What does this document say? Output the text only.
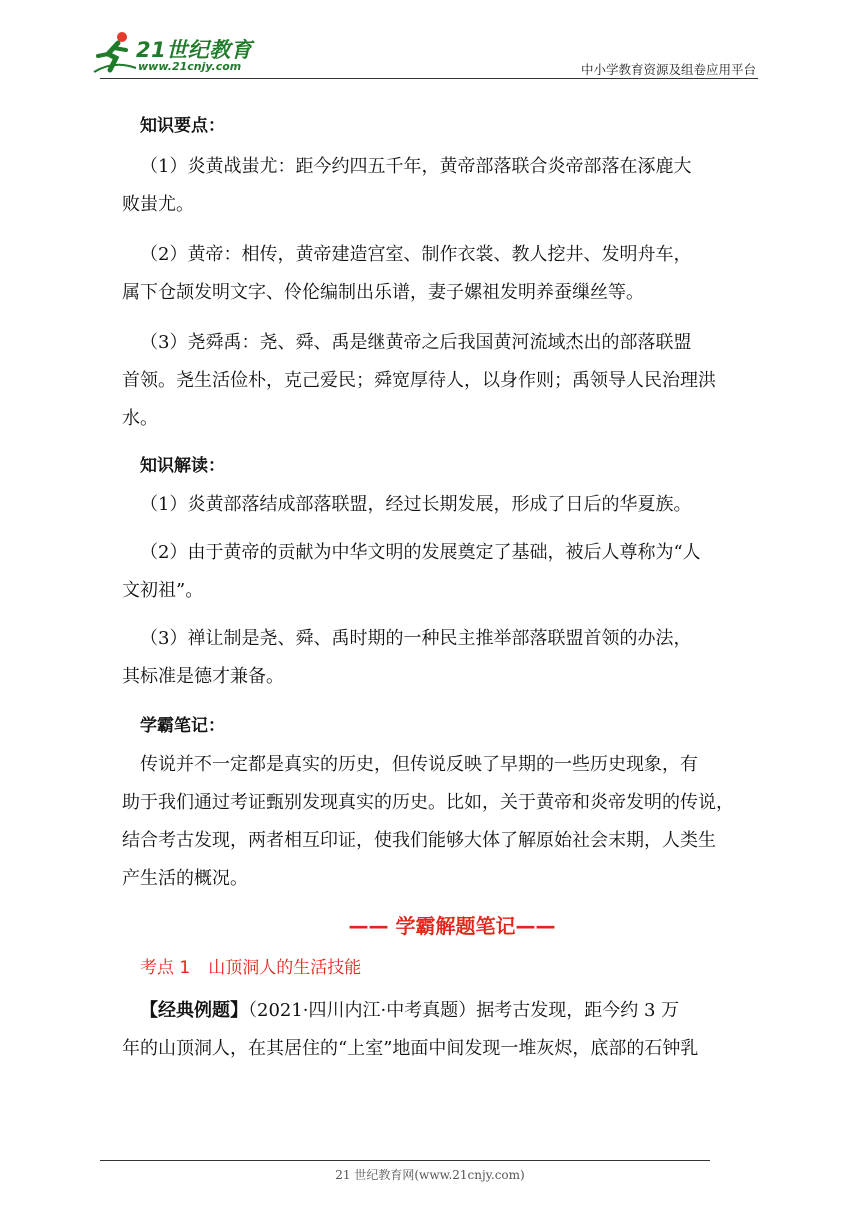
21世纪教育
www.21cnjy.com	中小学教育资源及组卷应用平台

知识要点：

（1）炎黄战蚩尤：距今约四五千年，黄帝部落联合炎帝部落在涿鹿大

败蚩尤。

（2）黄帝：相传，黄帝建造宫室、制作衣裳、教人挖井、发明舟车，

属下仓颉发明文字、伶伦编制出乐谱，妻子嫘祖发明养蚕缫丝等。

（3）尧舜禹：尧、舜、禹是继黄帝之后我国黄河流域杰出的部落联盟

首领。尧生活俭朴，克己爱民；舜宽厚待人，以身作则；禹领导人民治理洪

水。

知识解读：

（1）炎黄部落结成部落联盟，经过长期发展，形成了日后的华夏族。

（2）由于黄帝的贡献为中华文明的发展奠定了基础，被后人尊称为“人

文初祖”。

（3）禅让制是尧、舜、禹时期的一种民主推举部落联盟首领的办法，

其标准是德才兼备。

学霸笔记：

传说并不一定都是真实的历史，但传说反映了早期的一些历史现象，有

助于我们通过考证甄别发现真实的历史。比如，关于黄帝和炎帝发明的传说，

结合考古发现，两者相互印证，使我们能够大体了解原始社会末期，人类生

产生活的概况。

—— 学霸解题笔记——

考点 1 山顶洞人的生活技能

【经典例题】（2021·四川内江·中考真题）据考古发现，距今约 3 万

年的山顶洞人，在其居住的“上室”地面中间发现一堆灰烬，底部的石钟乳

21 世纪教育网(www.21cnjy.com)
